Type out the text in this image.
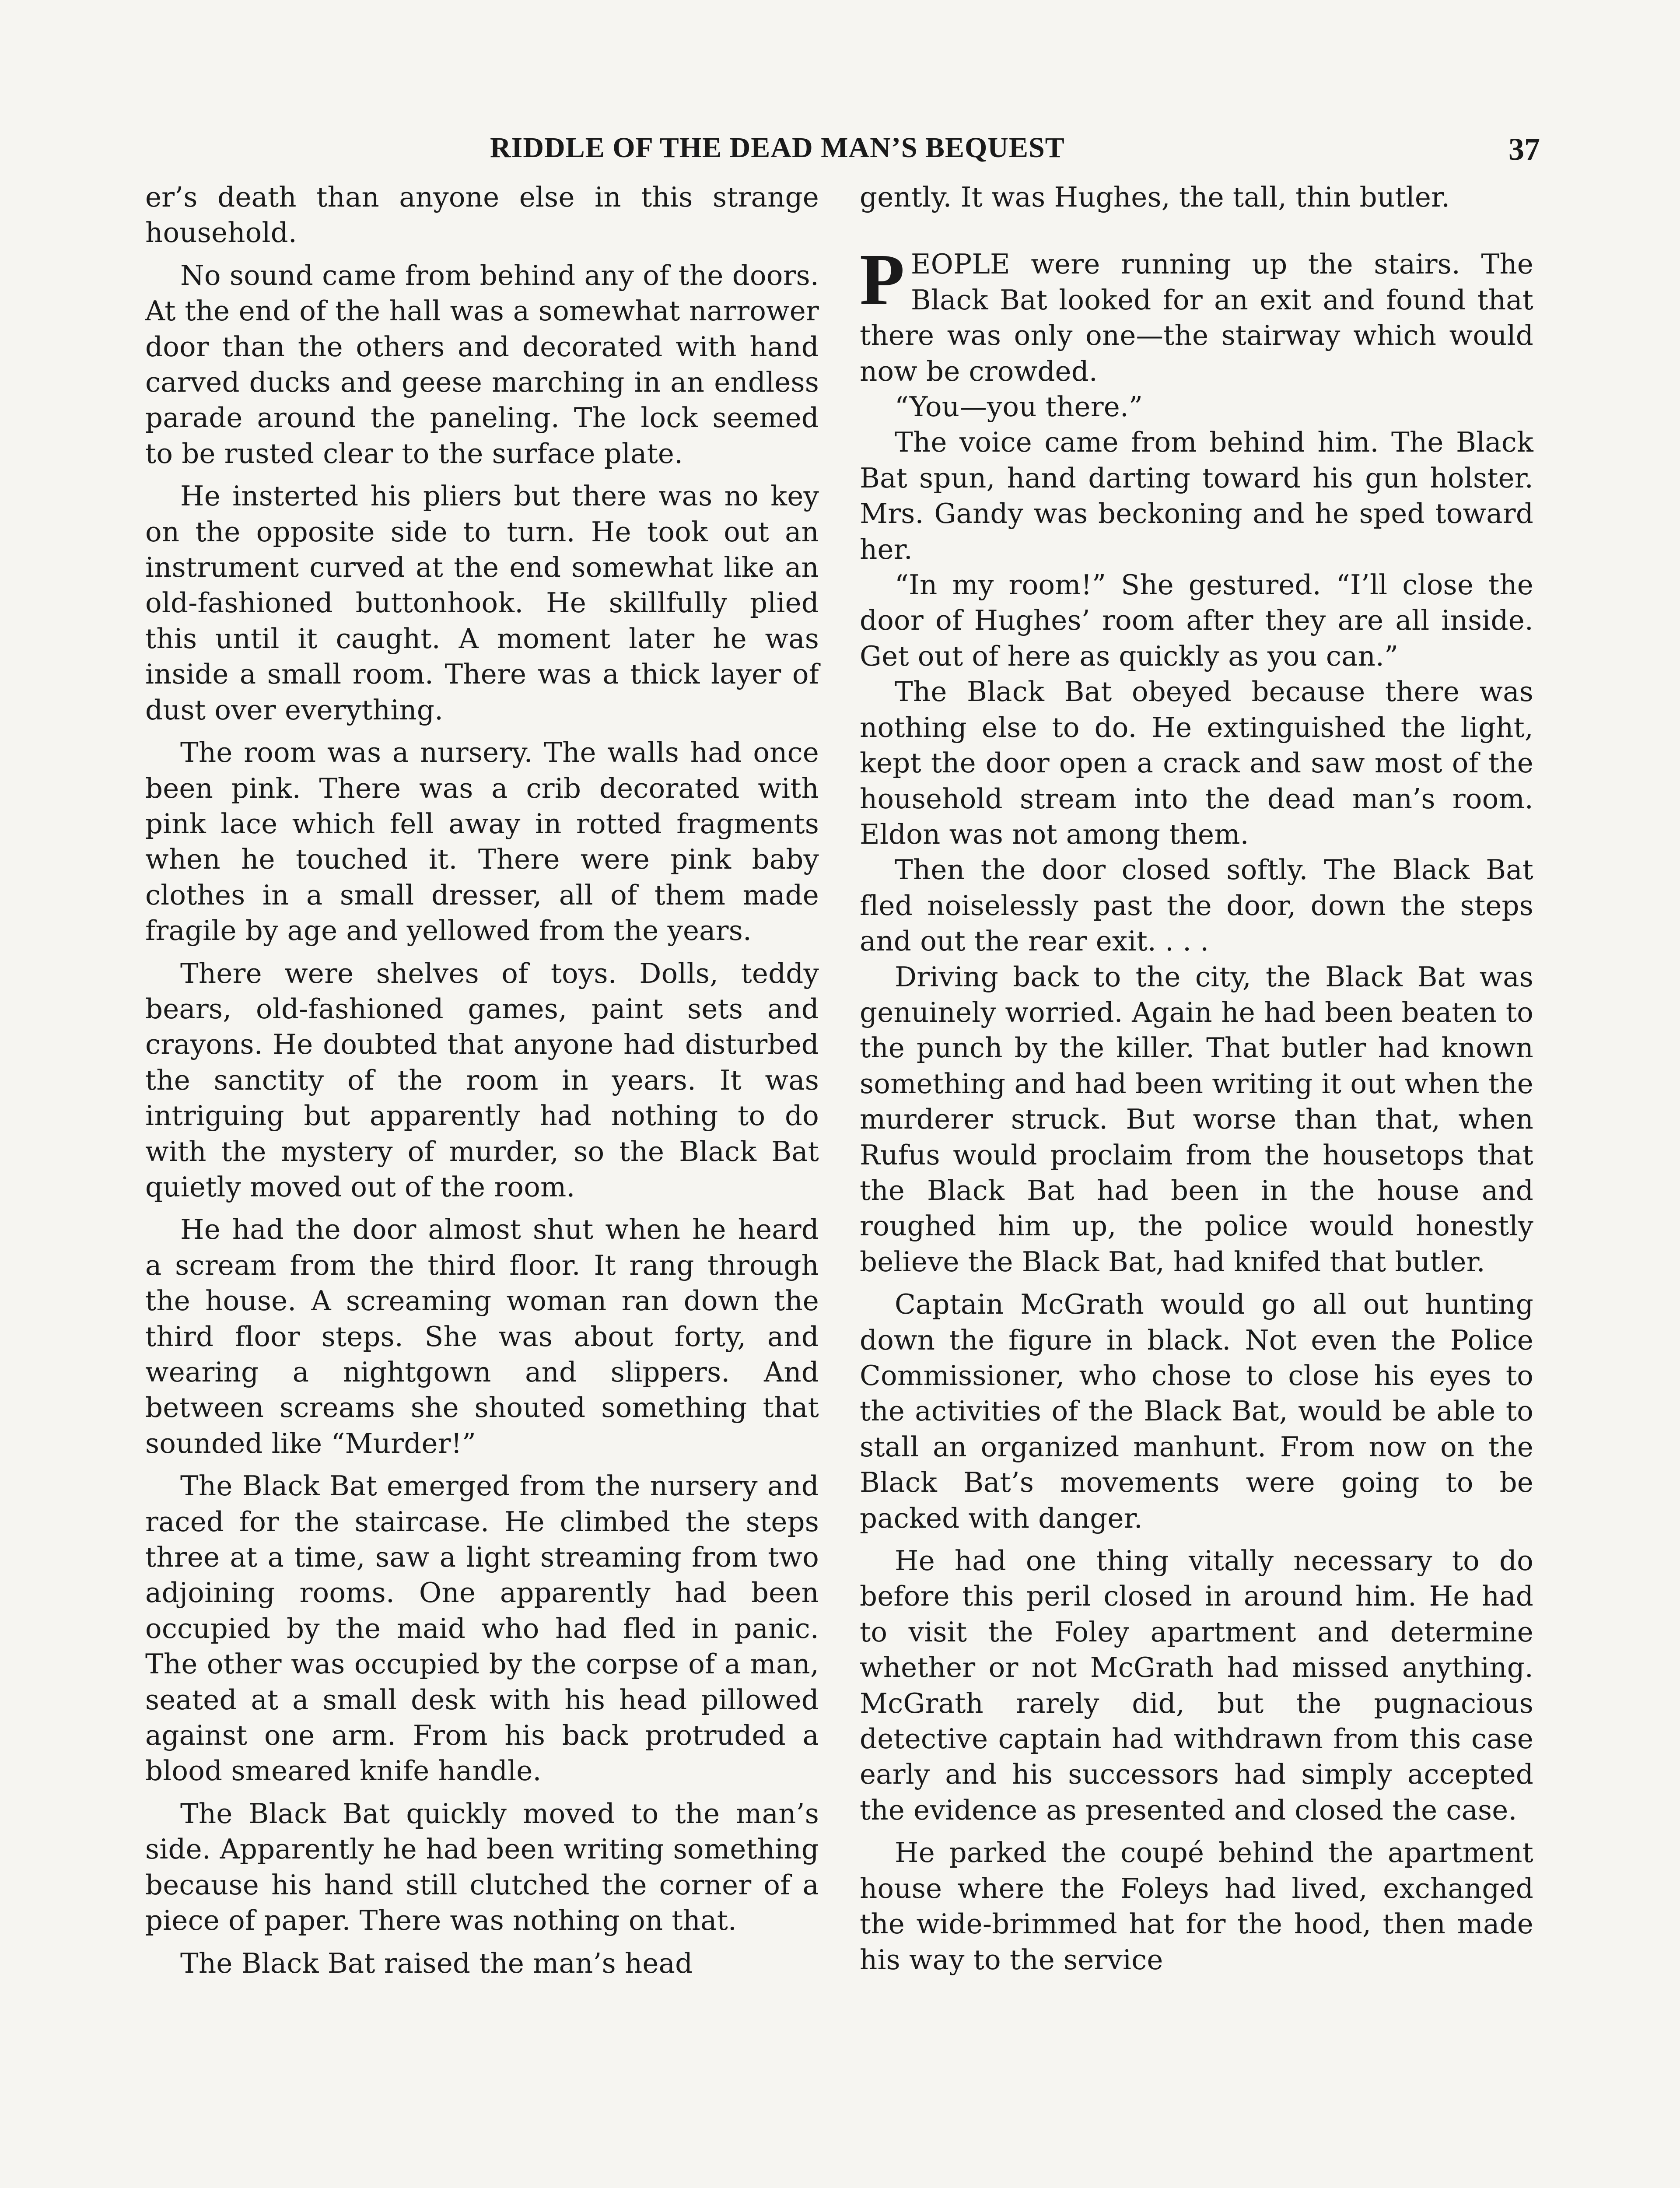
RIDDLE OF THE DEAD MAN’S BEQUEST	37

er’s death than anyone else in this strange household.

No sound came from behind any of the doors. At the end of the hall was a somewhat narrower door than the others and decorated with hand carved ducks and geese marching in an endless parade around the paneling. The lock seemed to be rusted clear to the surface plate.

He insterted his pliers but there was no key on the opposite side to turn. He took out an instrument curved at the end somewhat like an old-fashioned buttonhook. He skillfully plied this until it caught. A moment later he was inside a small room. There was a thick layer of dust over everything.

The room was a nursery. The walls had once been pink. There was a crib decorated with pink lace which fell away in rotted fragments when he touched it. There were pink baby clothes in a small dresser, all of them made fragile by age and yellowed from the years.

There were shelves of toys. Dolls, teddy bears, old-fashioned games, paint sets and crayons. He doubted that anyone had disturbed the sanctity of the room in years. It was intriguing but apparently had nothing to do with the mystery of murder, so the Black Bat quietly moved out of the room.

He had the door almost shut when he heard a scream from the third floor. It rang through the house. A screaming woman ran down the third floor steps. She was about forty, and wearing a nightgown and slippers. And between screams she shouted something that sounded like “Murder!”

The Black Bat emerged from the nursery and raced for the staircase. He climbed the steps three at a time, saw a light streaming from two adjoining rooms. One apparently had been occupied by the maid who had fled in panic. The other was occupied by the corpse of a man, seated at a small desk with his head pillowed against one arm. From his back protruded a blood smeared knife handle.

The Black Bat quickly moved to the man’s side. Apparently he had been writing something because his hand still clutched the corner of a piece of paper. There was nothing on that.

The Black Bat raised the man’s head

gently. It was Hughes, the tall, thin butler.

PEOPLE were running up the stairs. The Black Bat looked for an exit and found that there was only one—the stairway which would now be crowded.

“You—you there.”

The voice came from behind him. The Black Bat spun, hand darting toward his gun holster. Mrs. Gandy was beckoning and he sped toward her.

“In my room!” She gestured. “I’ll close the door of Hughes’ room after they are all inside. Get out of here as quickly as you can.”

The Black Bat obeyed because there was nothing else to do. He extinguished the light, kept the door open a crack and saw most of the household stream into the dead man’s room. Eldon was not among them.

Then the door closed softly. The Black Bat fled noiselessly past the door, down the steps and out the rear exit. . . .

Driving back to the city, the Black Bat was genuinely worried. Again he had been beaten to the punch by the killer. That butler had known something and had been writing it out when the murderer struck. But worse than that, when Rufus would proclaim from the housetops that the Black Bat had been in the house and roughed him up, the police would honestly believe the Black Bat, had knifed that butler.

Captain McGrath would go all out hunting down the figure in black. Not even the Police Commissioner, who chose to close his eyes to the activities of the Black Bat, would be able to stall an organized manhunt. From now on the Black Bat’s movements were going to be packed with danger.

He had one thing vitally necessary to do before this peril closed in around him. He had to visit the Foley apartment and determine whether or not McGrath had missed anything. McGrath rarely did, but the pugnacious detective captain had withdrawn from this case early and his successors had simply accepted the evidence as presented and closed the case.

He parked the coupé behind the apartment house where the Foleys had lived, exchanged the wide-brimmed hat for the hood, then made his way to the service
